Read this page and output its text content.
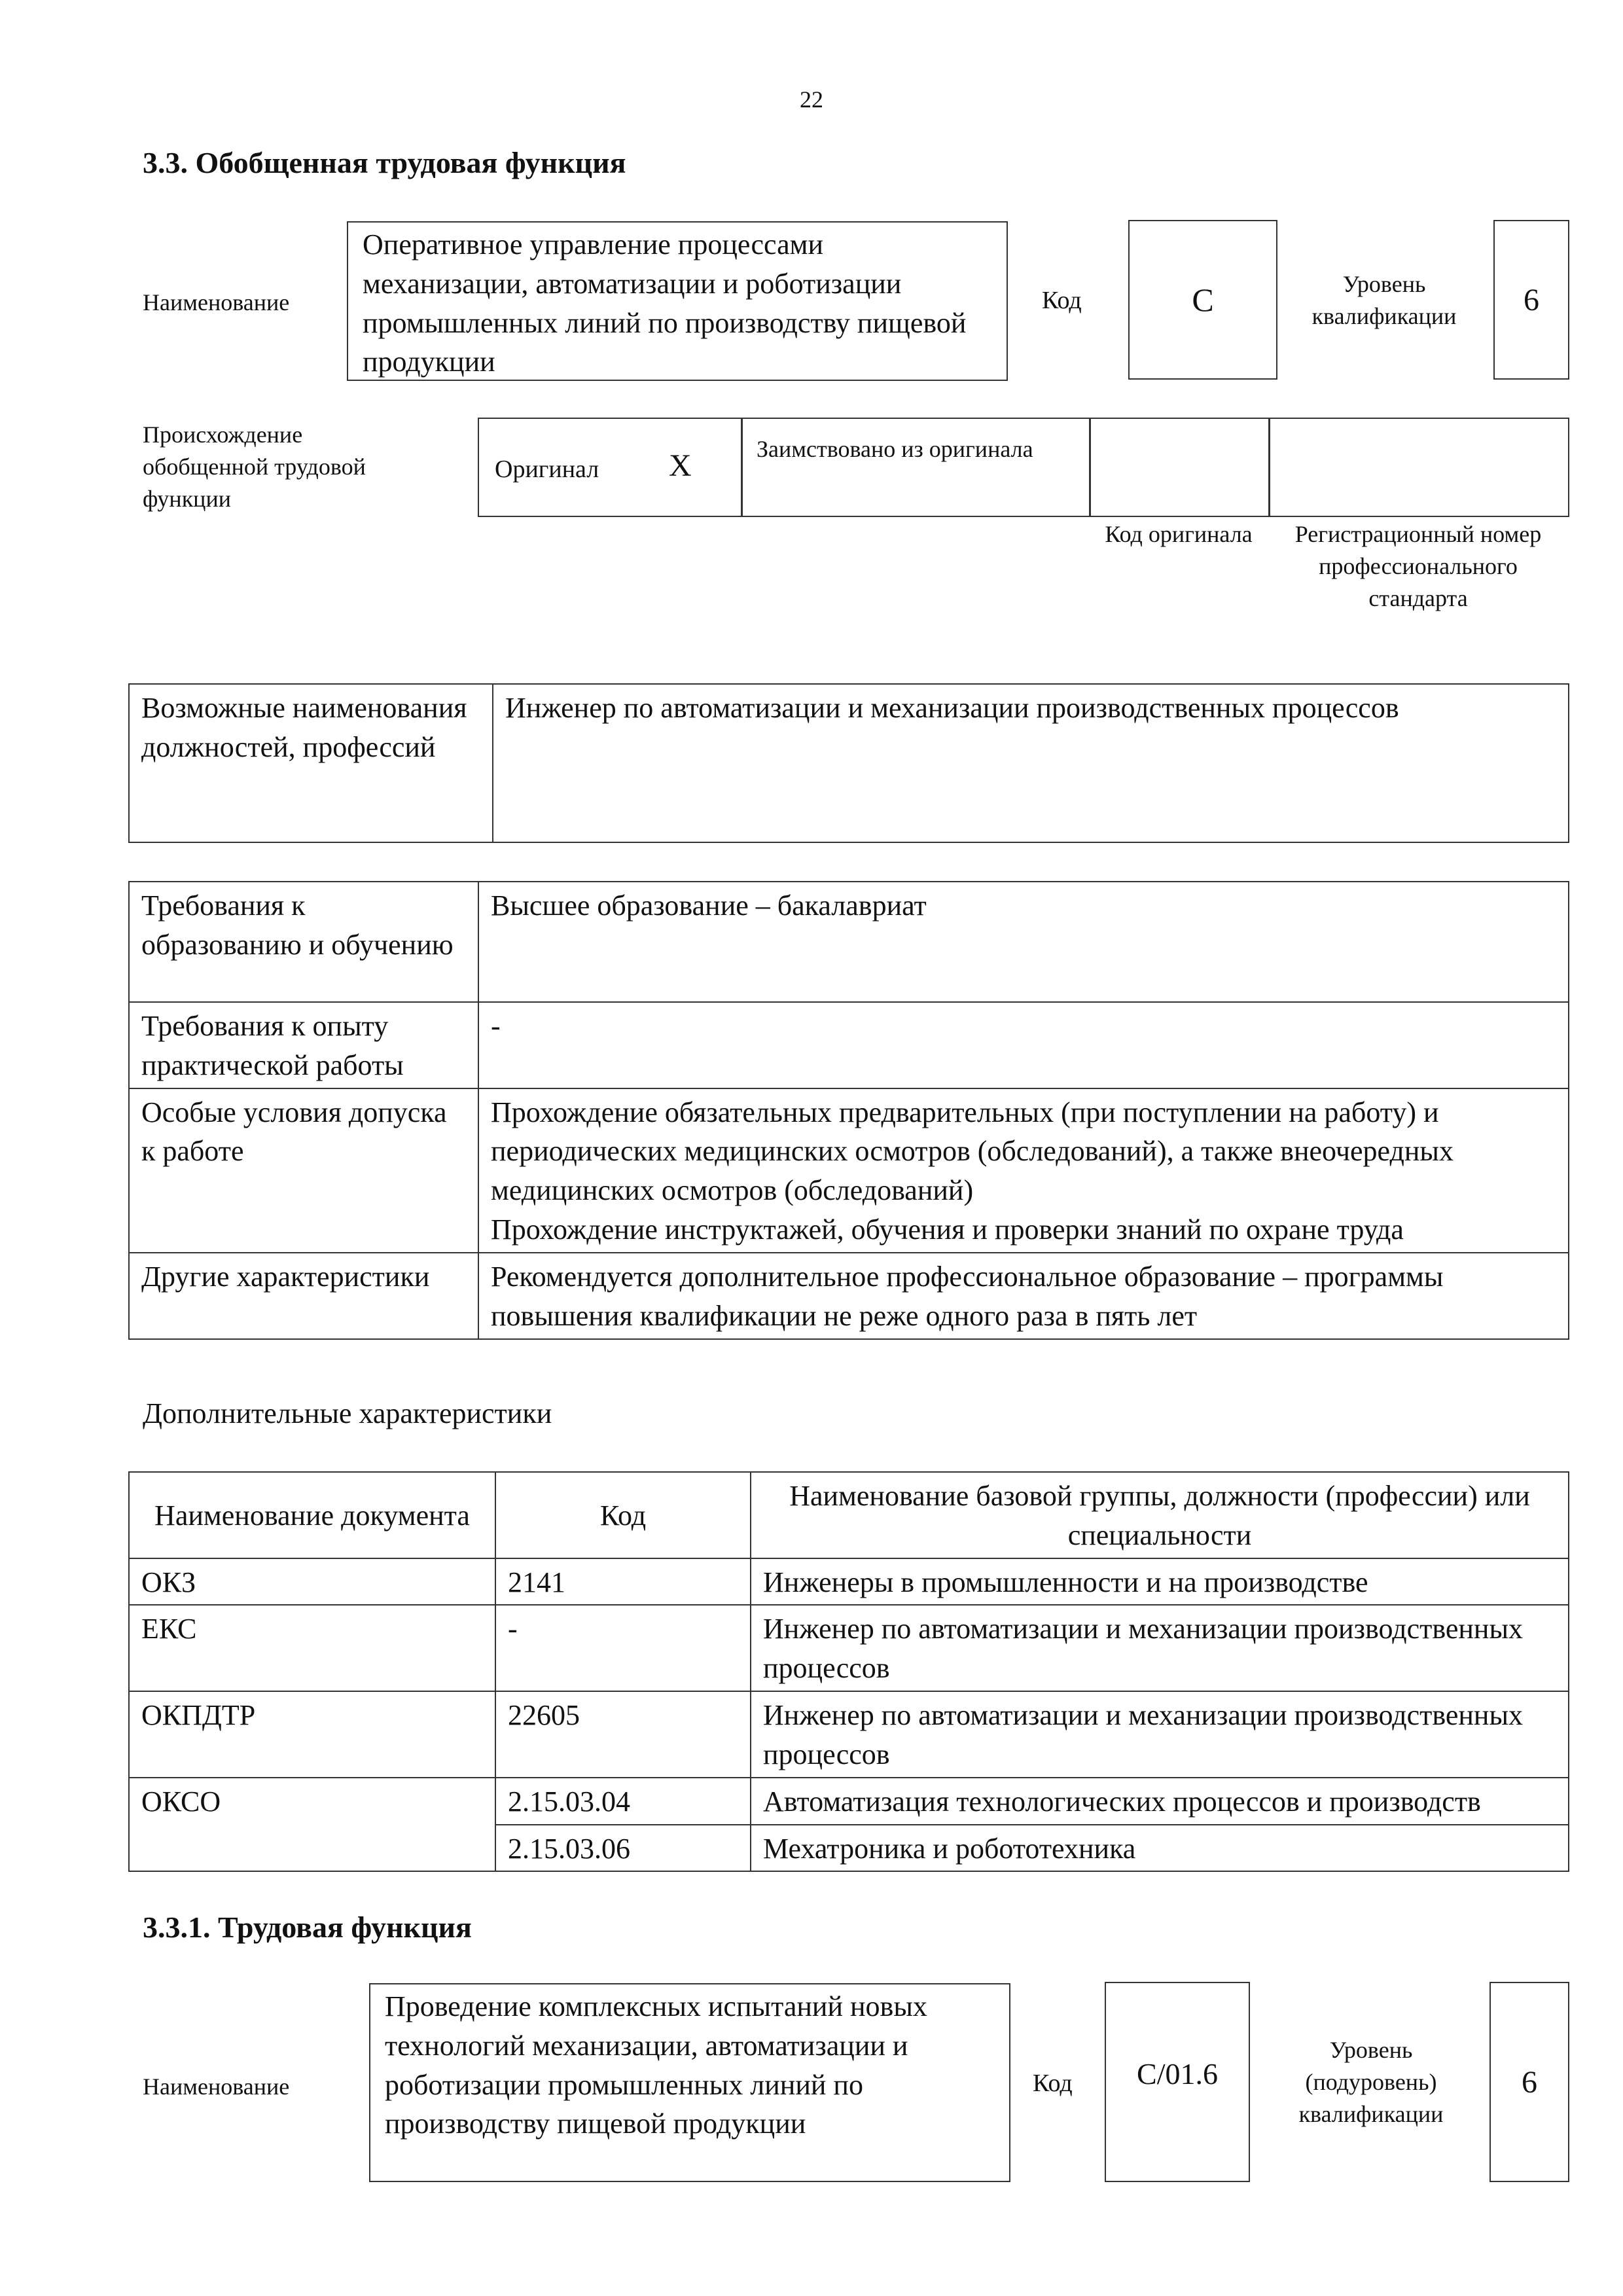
22
3.3. Обобщенная трудовая функция
Наименование
Оперативное управление процессами механизации, автоматизации и роботизации промышленных линий по производству пищевой продукции
Код	C	Уровень квалификации	6
Происхождение обобщенной трудовой функции
Оригинал X	Заимствовано из оригинала
Код оригинала	Регистрационный номер профессионального стандарта
Возможные наименования должностей, профессий	Инженер по автоматизации и механизации производственных процессов
Требования к образованию и обучению	Высшее образование – бакалавриат
Требования к опыту практической работы	-
Особые условия допуска к работе	Прохождение обязательных предварительных (при поступлении на работу) и периодических медицинских осмотров (обследований), а также внеочередных медицинских осмотров (обследований)
Прохождение инструктажей, обучения и проверки знаний по охране труда

Другие характеристики	Рекомендуется дополнительное профессиональное образование – программы повышения квалификации не реже одного раза в пять лет
Дополнительные характеристики
Наименование документа	Код	Наименование базовой группы, должности (профессии) или специальности
ОКЗ	2141	Инженеры в промышленности и на производстве
ЕКС	-	Инженер по автоматизации и механизации производственных процессов
ОКПДТР	22605	Инженер по автоматизации и механизации производственных процессов
ОКСО	2.15.03.04	Автоматизация технологических процессов и производств
	2.15.03.06	Мехатроника и робототехника
3.3.1. Трудовая функция
Наименование
Проведение комплексных испытаний новых технологий механизации, автоматизации и роботизации промышленных линий по производству пищевой продукции
Код	C/01.6
Уровень (подуровень) квалификации
6
